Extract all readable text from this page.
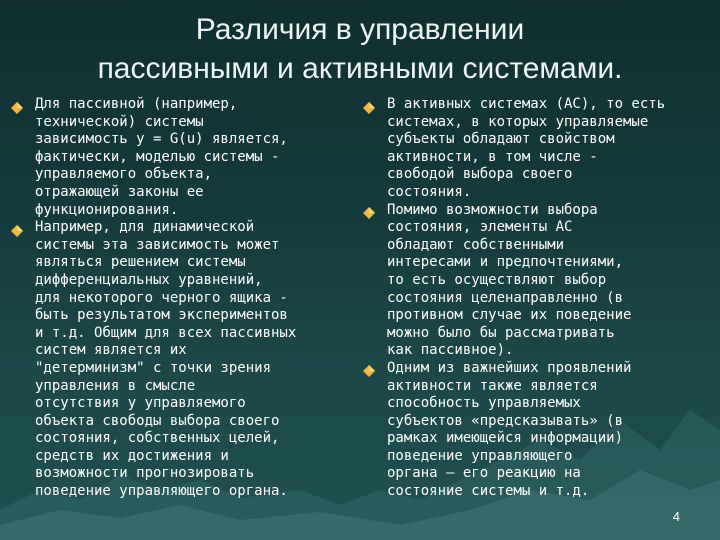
Различия в управлении
пассивными и активными системами.
Для пассивной (например,
технической) системы
зависимость y = G(u) является,
фактически, моделью системы -
управляемого объекта,
отражающей законы ее
функционирования.
Например, для динамической
системы эта зависимость может
являться решением системы
дифференциальных уравнений,
для некоторого черного ящика -
быть результатом экспериментов
и т.д. Общим для всех пассивных
систем является их
"детерминизм" с точки зрения
управления в смысле
отсутствия у управляемого
объекта свободы выбора своего
состояния, собственных целей,
средств их достижения и
возможности прогнозировать
поведение управляющего органа.
В активных системах (АС), то есть
системах, в которых управляемые
субъекты обладают свойством
активности, в том числе -
свободой выбора своего
состояния.
Помимо возможности выбора
состояния, элементы АС
обладают собственными
интересами и предпочтениями,
то есть осуществляют выбор
состояния целенаправленно (в
противном случае их поведение
можно было бы рассматривать
как пассивное).
Одним из важнейших проявлений
активности также является
способность управляемых
субъектов «предсказывать» (в
рамках имеющейся информации)
поведение управляющего
органа – его реакцию на
состояние системы и т.д.
4
